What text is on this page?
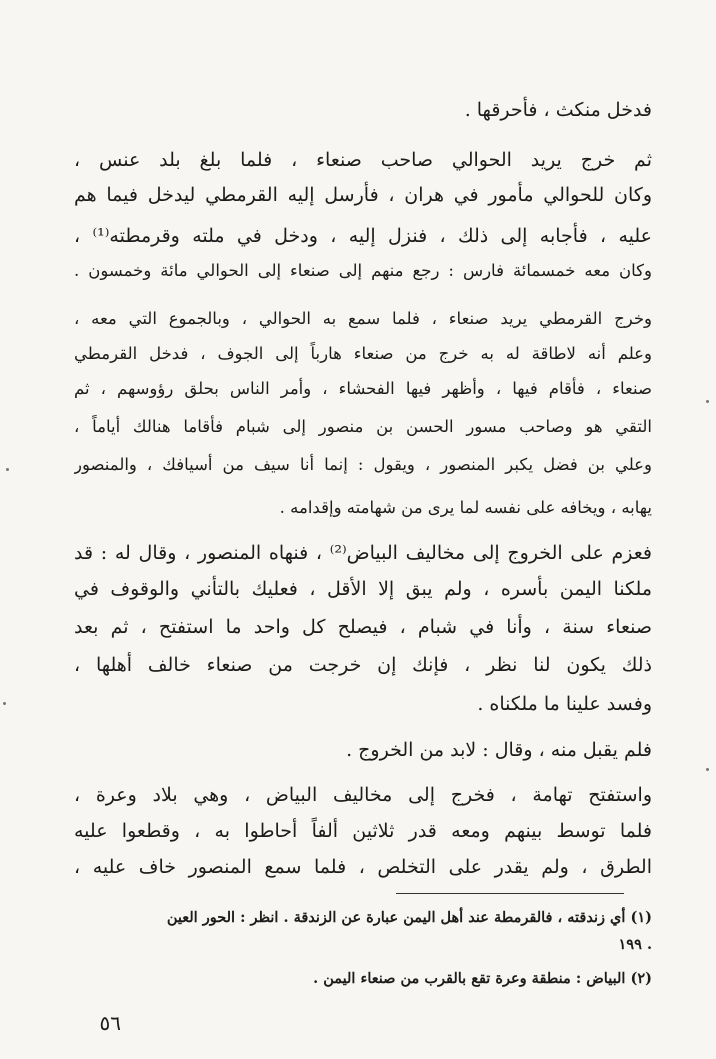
فدخل منكث ، فأحرقها .
ثم خرج يريد الحوالي صاحب صنعاء ، فلما بلغ بلد عنس ،
وكان للحوالي مأمور في هران ، فأرسل إليه القرمطي ليدخل فيما هم
عليه ، فأجابه إلى ذلك ، فنزل إليه ، ودخل في ملته وقرمطته⁽¹⁾ ،
وكان معه خمسمائة فارس : رجع منهم إلى صنعاء إلى الحوالي مائة وخمسون .
وخرج القرمطي يريد صنعاء ، فلما سمع به الحوالي ، وبالجموع التي معه ،
وعلم أنه لاطاقة له به خرج من صنعاء هارباً إلى الجوف ، فدخل القرمطي
صنعاء ، فأقام فيها ، وأظهر فيها الفحشاء ، وأمر الناس بحلق رؤوسهم ، ثم
التقي هو وصاحب مسور الحسن بن منصور إلى شبام فأقاما هنالك أياماً ،
وعلي بن فضل يكبر المنصور ، ويقول : إنما أنا سيف من أسيافك ، والمنصور
يهابه ، ويخافه على نفسه لما يرى من شهامته وإقدامه .
فعزم على الخروج إلى مخاليف البياض⁽²⁾ ، فنهاه المنصور ، وقال له : قد
ملكنا اليمن بأسره ، ولم يبق إلا الأقل ، فعليك بالتأني والوقوف في
صنعاء سنة ، وأنا في شبام ، فيصلح كل واحد ما استفتح ، ثم بعد
ذلك يكون لنا نظر ، فإنك إن خرجت من صنعاء خالف أهلها ،
وفسد علينا ما ملكناه .
فلم يقبل منه ، وقال : لابد من الخروج .
واستفتح تهامة ، فخرج إلى مخاليف البياض ، وهي بلاد وعرة ،
فلما توسط بينهم ومعه قدر ثلاثين ألفاً أحاطوا به ، وقطعوا عليه
الطرق ، ولم يقدر على التخلص ، فلما سمع المنصور خاف عليه ،
(١) أي زندقته ، فالقرمطة عند أهل اليمن عبارة عن الزندقة . انظر : الحور العين
. ١٩٩
(٢) البياض : منطقة وعرة تقع بالقرب من صنعاء اليمن .
٥٦
